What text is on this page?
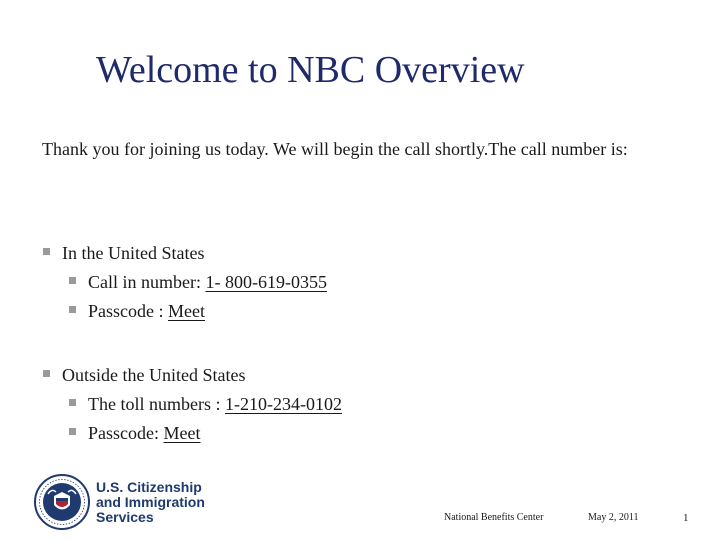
Welcome to NBC Overview
Thank you for joining us today. We will begin the call shortly.The call number is:
In the United States
Call in number: 1- 800-619-0355
Passcode : Meet
Outside the United States
The toll numbers : 1-210-234-0102
Passcode: Meet
U.S. Citizenship
and Immigration
Services	National Benefits Center	May 2, 2011	1
